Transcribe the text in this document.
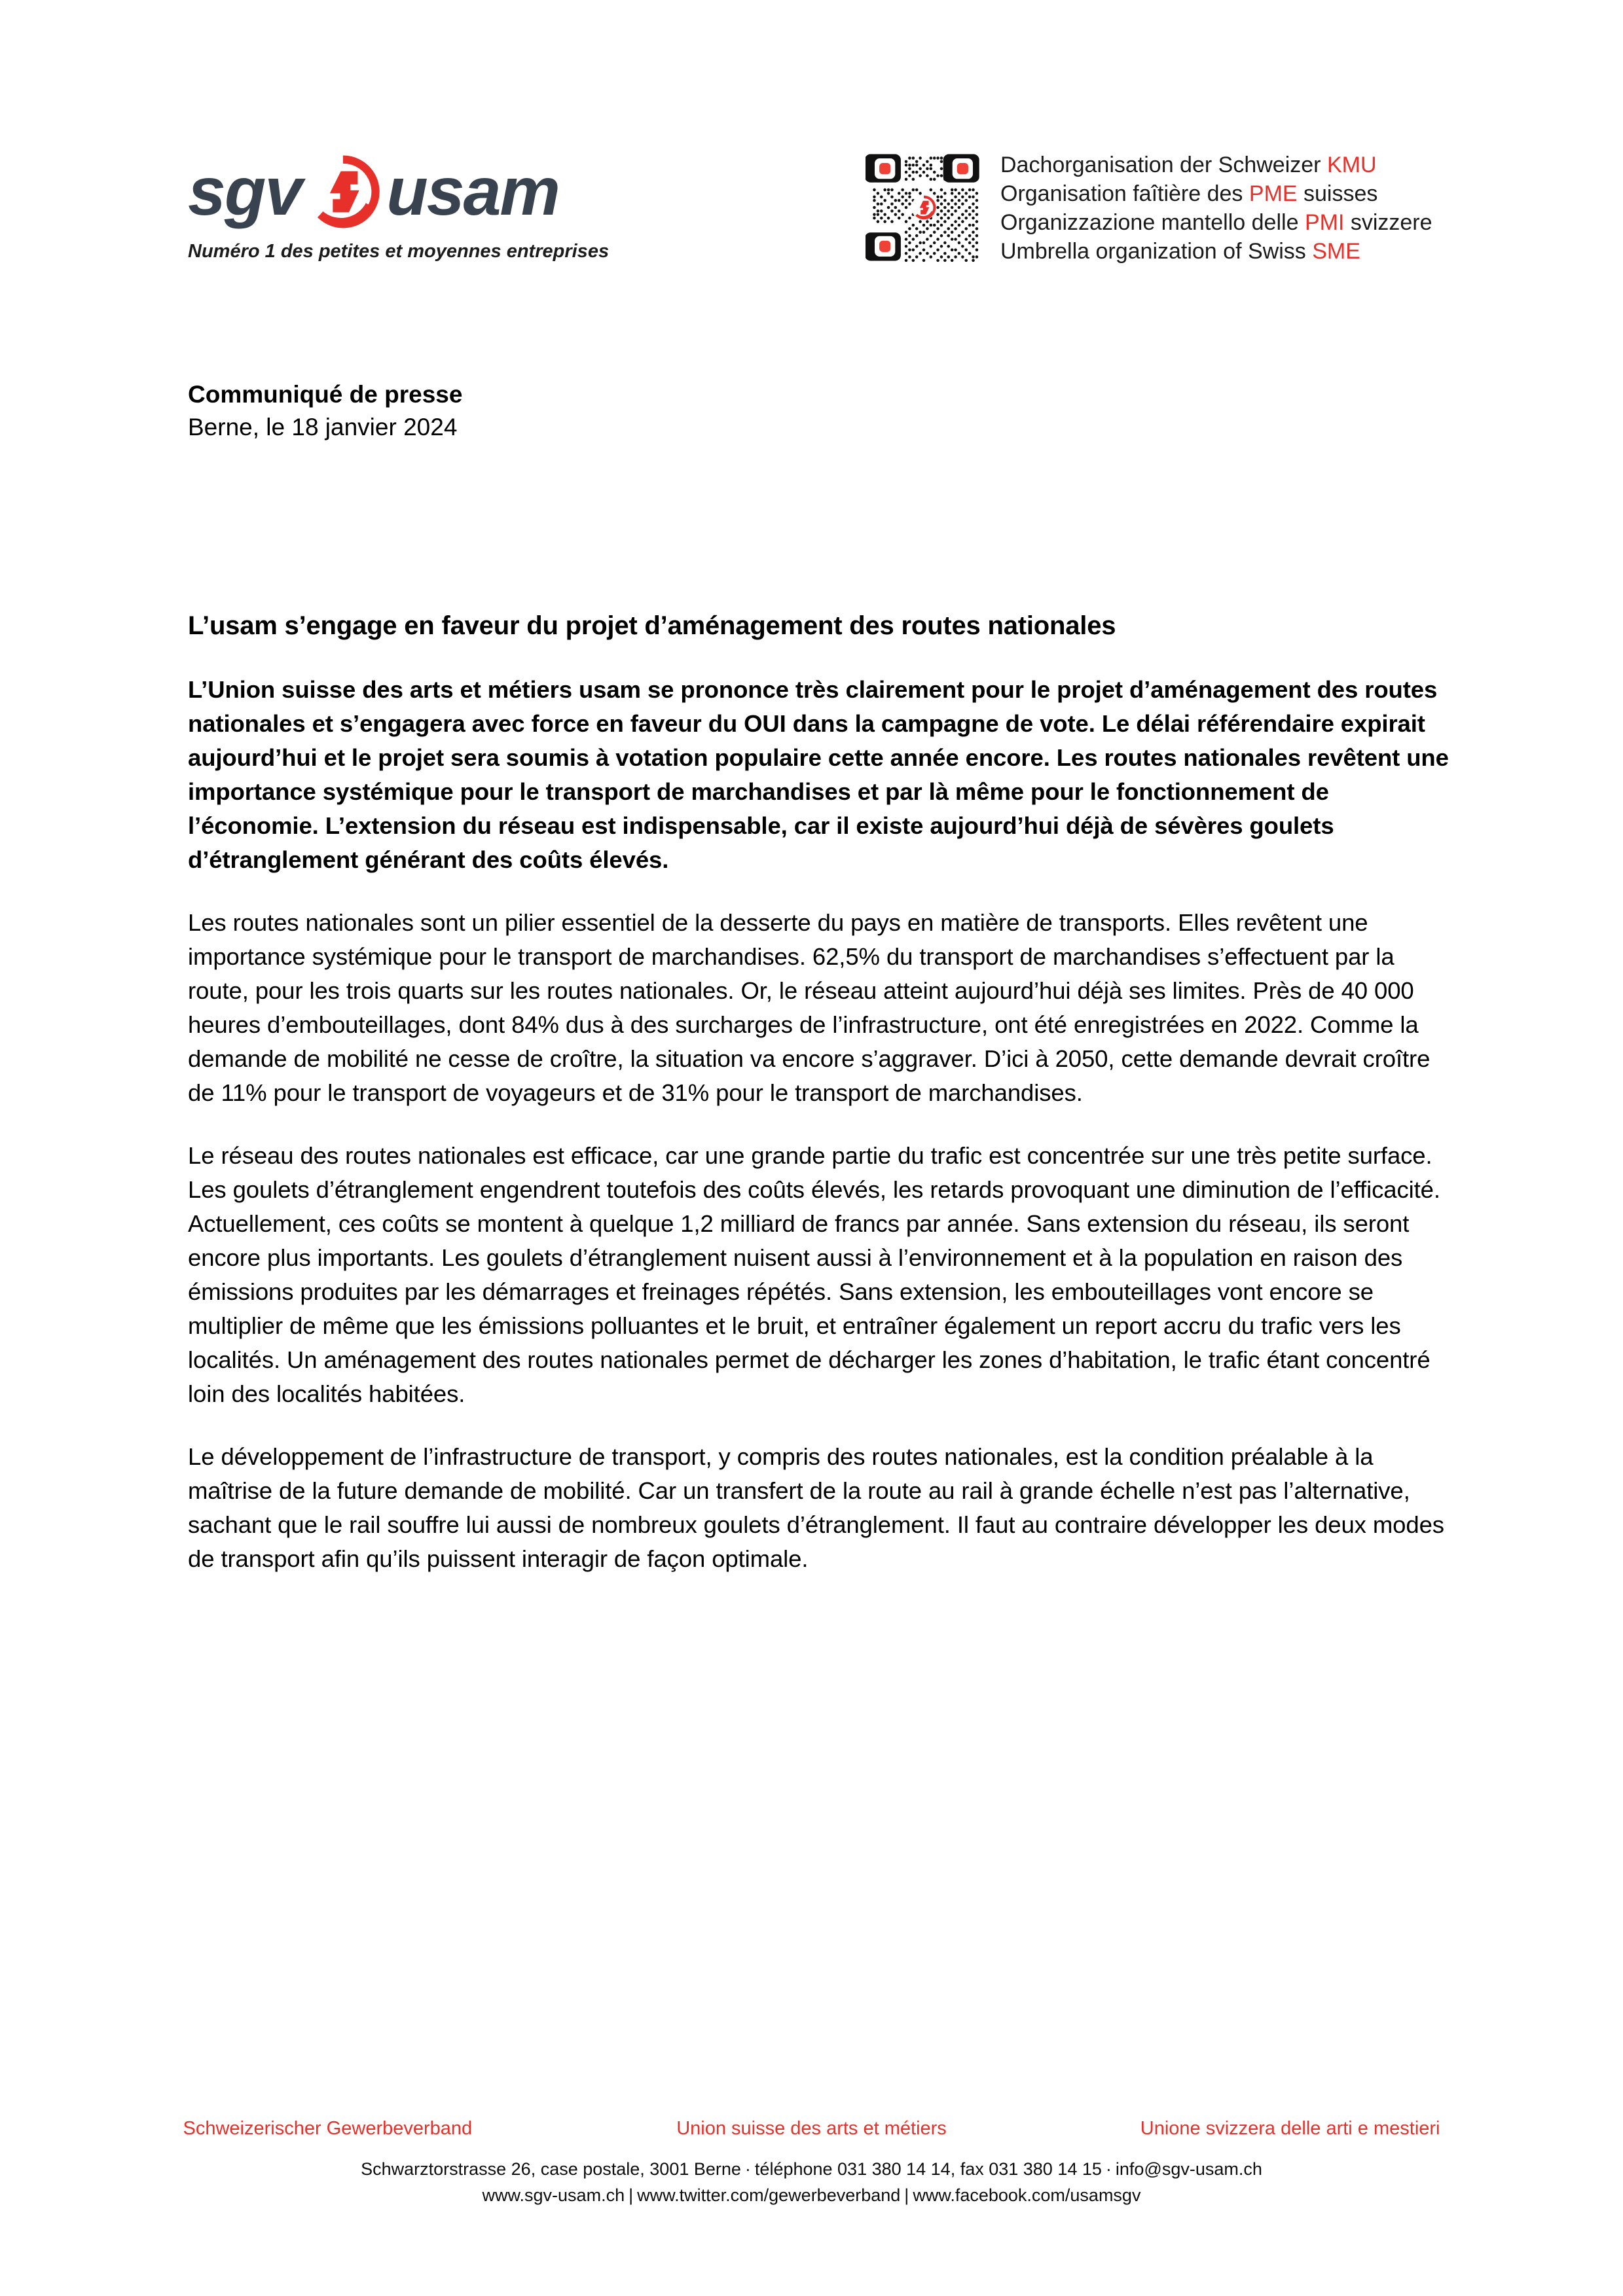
sgv usam
Numéro 1 des petites et moyennes entreprises
Dachorganisation der Schweizer KMU
Organisation faîtière des PME suisses
Organizzazione mantello delle PMI svizzere
Umbrella organization of Swiss SME
Communiqué de presse
Berne, le 18 janvier 2024
L’usam s’engage en faveur du projet d’aménagement des routes nationales

L’Union suisse des arts et métiers usam se prononce très clairement pour le projet d’aménagement des routes nationales et s’engagera avec force en faveur du OUI dans la campagne de vote. Le délai référendaire expirait aujourd’hui et le projet sera soumis à votation populaire cette année encore. Les routes nationales revêtent une importance systémique pour le transport de marchandises et par là même pour le fonctionnement de l’économie. L’extension du réseau est indispensable, car il existe aujourd’hui déjà de sévères goulets d’étranglement générant des coûts élevés.

Les routes nationales sont un pilier essentiel de la desserte du pays en matière de transports. Elles revêtent une importance systémique pour le transport de marchandises. 62,5% du transport de marchandises s’effectuent par la route, pour les trois quarts sur les routes nationales. Or, le réseau atteint aujourd’hui déjà ses limites. Près de 40 000 heures d’embouteillages, dont 84% dus à des surcharges de l’infrastructure, ont été enregistrées en 2022. Comme la demande de mobilité ne cesse de croître, la situation va encore s’aggraver. D’ici à 2050, cette demande devrait croître de 11% pour le transport de voyageurs et de 31% pour le transport de marchandises.

Le réseau des routes nationales est efficace, car une grande partie du trafic est concentrée sur une très petite surface. Les goulets d’étranglement engendrent toutefois des coûts élevés, les retards provoquant une diminution de l’efficacité. Actuellement, ces coûts se montent à quelque 1,2 milliard de francs par année. Sans extension du réseau, ils seront encore plus importants. Les goulets d’étranglement nuisent aussi à l’environnement et à la population en raison des émissions produites par les démarrages et freinages répétés. Sans extension, les embouteillages vont encore se multiplier de même que les émissions polluantes et le bruit, et entraîner également un report accru du trafic vers les localités. Un aménagement des routes nationales permet de décharger les zones d’habitation, le trafic étant concentré loin des localités habitées.

Le développement de l’infrastructure de transport, y compris des routes nationales, est la condition préalable à la maîtrise de la future demande de mobilité. Car un transfert de la route au rail à grande échelle n’est pas l’alternative, sachant que le rail souffre lui aussi de nombreux goulets d’étranglement. Il faut au contraire développer les deux modes de transport afin qu’ils puissent interagir de façon optimale.

Schweizerischer Gewerbeverband	Union suisse des arts et métiers	Unione svizzera delle arti e mestieri
Schwarztorstrasse 26, case postale, 3001 Berne · téléphone 031 380 14 14, fax 031 380 14 15 · info@sgv-usam.ch
www.sgv-usam.ch | www.twitter.com/gewerbeverband | www.facebook.com/usamsgv
